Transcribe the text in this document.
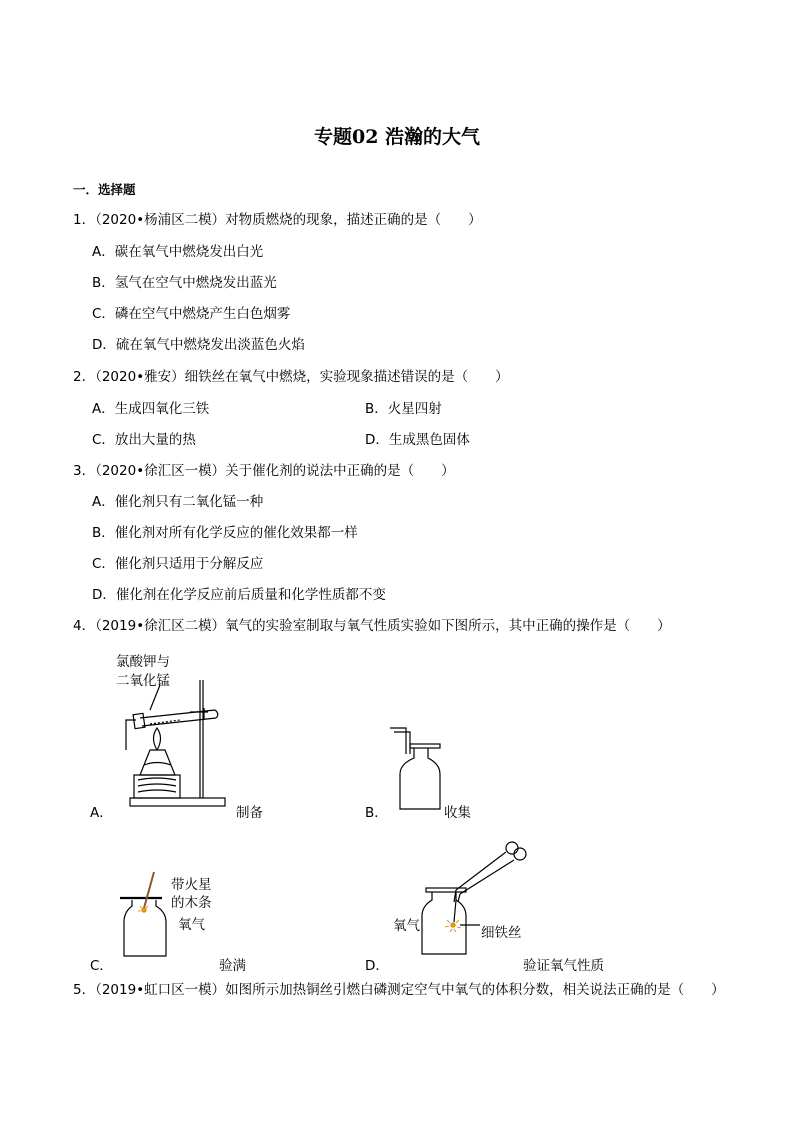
专题02 浩瀚的大气
一．选择题
1．（2020•杨浦区二模）对物质燃烧的现象，描述正确的是（　　）
A．碳在氧气中燃烧发出白光
B．氢气在空气中燃烧发出蓝光
C．磷在空气中燃烧产生白色烟雾
D．硫在氧气中燃烧发出淡蓝色火焰
2．（2020•雅安）细铁丝在氧气中燃烧，实验现象描述错误的是（　　）
A．生成四氧化三铁	B．火星四射
C．放出大量的热	D．生成黑色固体
3．（2020•徐汇区一模）关于催化剂的说法中正确的是（　　）
A．催化剂只有二氧化锰一种
B．催化剂对所有化学反应的催化效果都一样
C．催化剂只适用于分解反应
D．催化剂在化学反应前后质量和化学性质都不变
4．（2019•徐汇区二模）氧气的实验室制取与氧气性质实验如下图所示，其中正确的操作是（　　）
氯酸钾与
二氧化锰
A．	制备	B．	收集
带火星
的木条
氧气
C．	验满
氧气	细铁丝
D．	验证氧气性质
5．（2019•虹口区一模）如图所示加热铜丝引燃白磷测定空气中氧气的体积分数，相关说法正确的是（　　）
